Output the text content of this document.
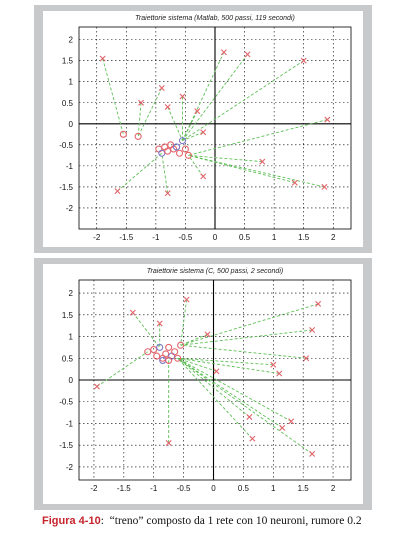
Traiettorie sistema (Matlab, 500 passi, 119 secondi)
-2 -1.5 -1 -0.5	0	0.5	1	1.5	2
2
1.5
1
0.5
0
-0.5
-1
-1.5
-2
Traiettorie sistema (C, 500 passi, 2 secondi)
-2 -1.5 -1 -0.5	0	0.5	1	1.5	2
2
1.5
1
0.5
0
-0.5
-1
-1.5
-2
Figura 4-10: “treno” composto da 1 rete con 10 neuroni, rumore 0.2
